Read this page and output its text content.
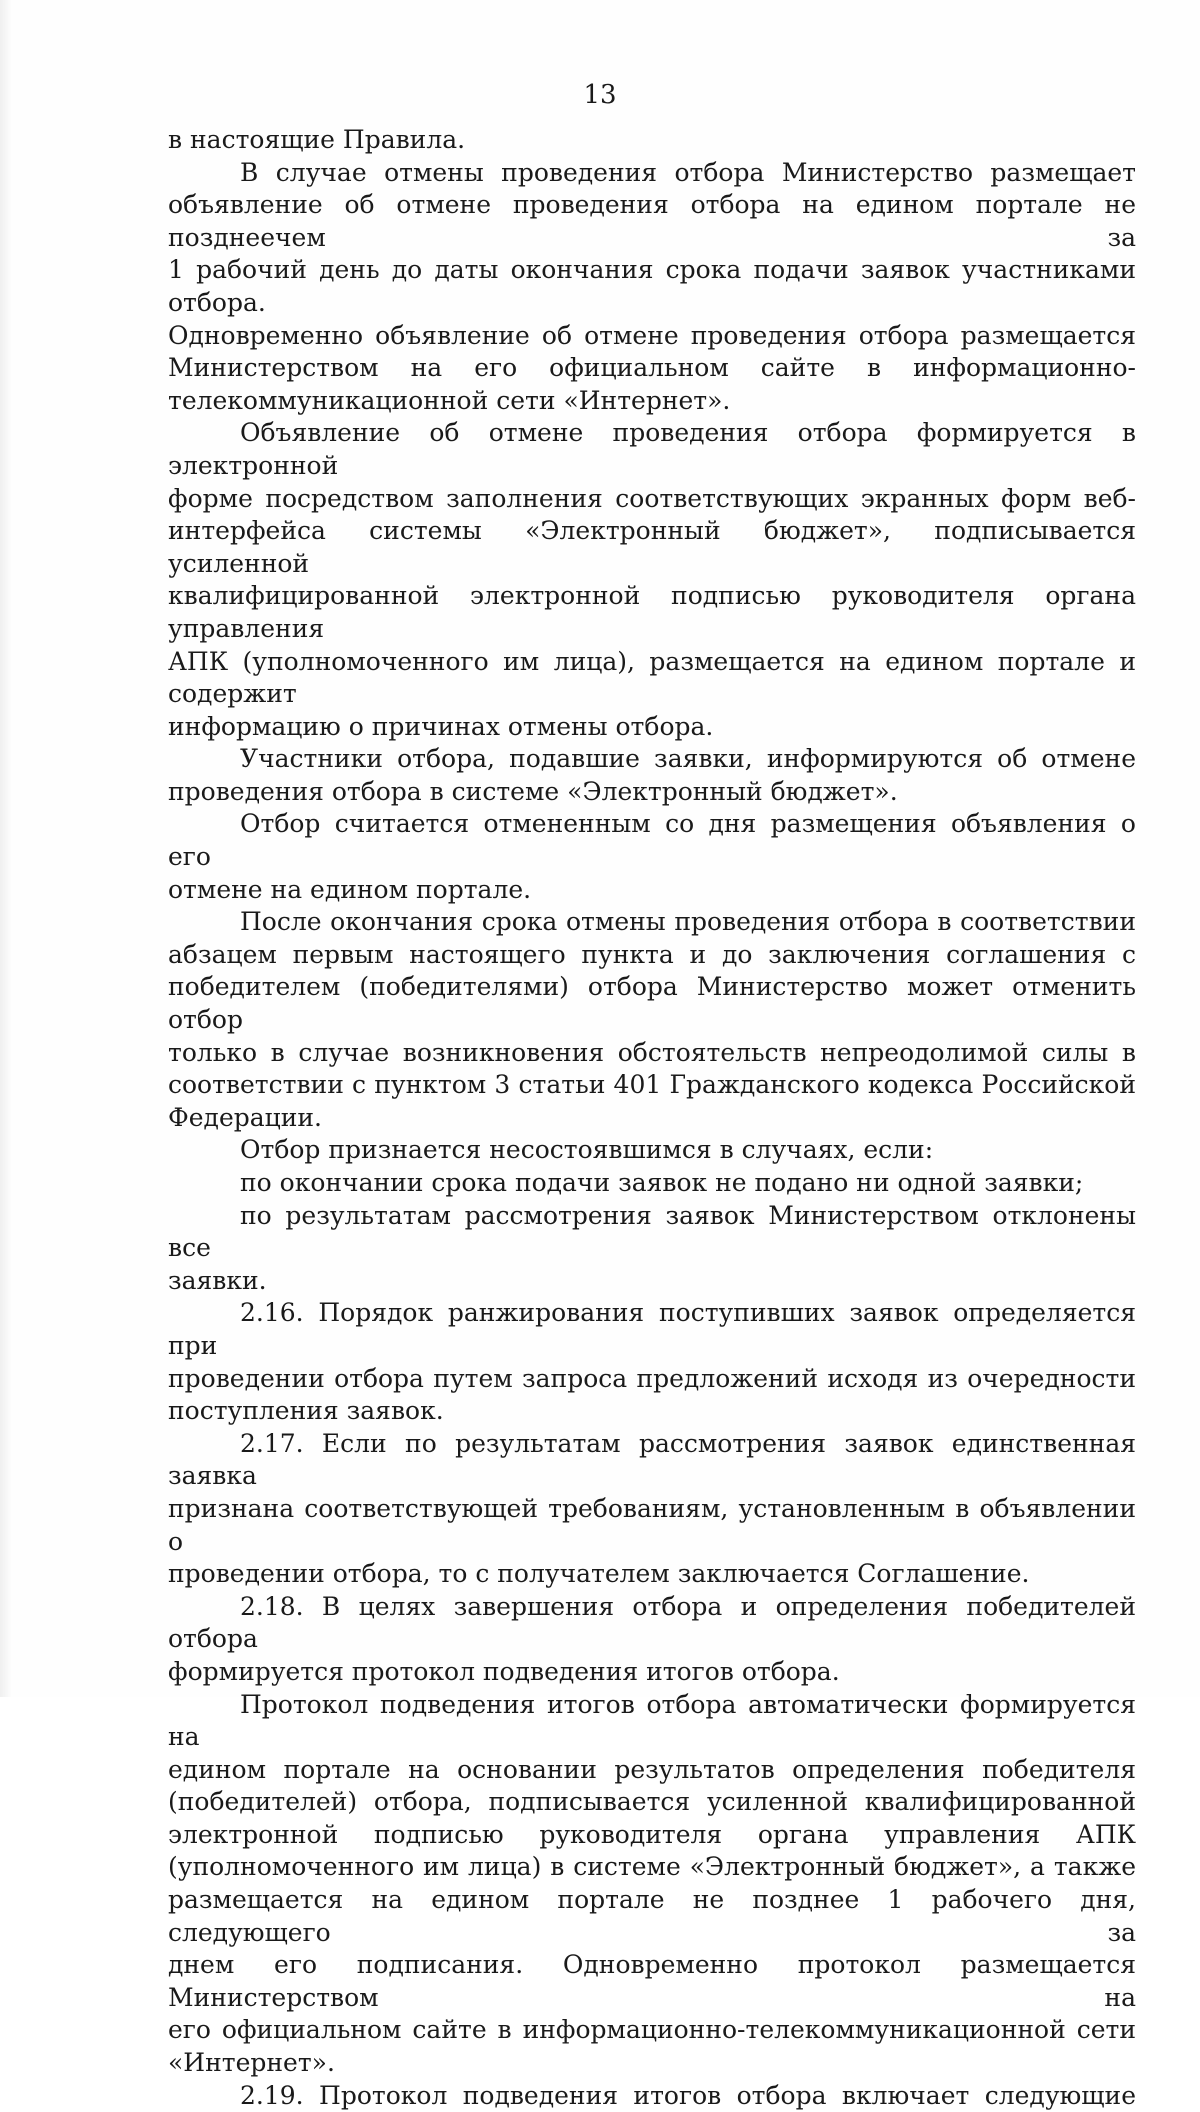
13

в настоящие Правила.

В случае отмены проведения отбора Министерство размещает

объявление об отмене проведения отбора на едином портале не позднеечем за

1 рабочий день до даты окончания срока подачи заявок участниками отбора.

Одновременно объявление об отмене проведения отбора размещается

Министерством на его официальном сайте в информационно-

телекоммуникационной сети «Интернет».

Объявление об отмене проведения отбора формируется в электронной

форме посредством заполнения соответствующих экранных форм веб-

интерфейса системы «Электронный бюджет», подписывается усиленной

квалифицированной электронной подписью руководителя органа управления

АПК (уполномоченного им лица), размещается на едином портале и содержит

информацию о причинах отмены отбора.

Участники отбора, подавшие заявки, информируются об отмене

проведения отбора в системе «Электронный бюджет».

Отбор считается отмененным со дня размещения объявления о его

отмене на едином портале.

После окончания срока отмены проведения отбора в соответствии

абзацем первым настоящего пункта и до заключения соглашения с

победителем (победителями) отбора Министерство может отменить отбор

только в случае возникновения обстоятельств непреодолимой силы в

соответствии с пунктом 3 статьи 401 Гражданского кодекса Российской

Федерации.

Отбор признается несостоявшимся в случаях, если:

по окончании срока подачи заявок не подано ни одной заявки;

по результатам рассмотрения заявок Министерством отклонены все

заявки.

2.16. Порядок ранжирования поступивших заявок определяется при

проведении отбора путем запроса предложений исходя из очередности

поступления заявок.

2.17. Если по результатам рассмотрения заявок единственная заявка

признана соответствующей требованиям, установленным в объявлении о

проведении отбора, то с получателем заключается Соглашение.

2.18. В целях завершения отбора и определения победителей отбора

формируется протокол подведения итогов отбора.

Протокол подведения итогов отбора автоматически формируется на

едином портале на основании результатов определения победителя

(победителей) отбора, подписывается усиленной квалифицированной

электронной подписью руководителя органа управления АПК

(уполномоченного им лица) в системе «Электронный бюджет», а также

размещается на едином портале не позднее 1 рабочего дня, следующего за

днем его подписания. Одновременно протокол размещается Министерством на

его официальном сайте в информационно-телекоммуникационной сети

«Интернет».

2.19. Протокол подведения итогов отбора включает следующие
